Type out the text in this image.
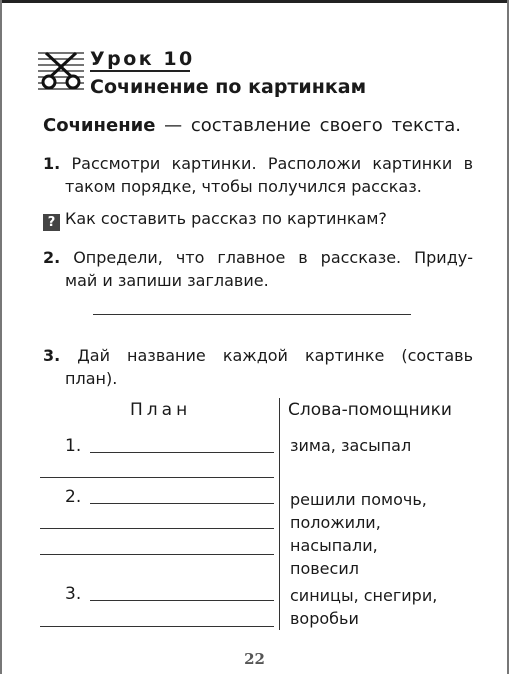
Урок 10
Сочинение по картинкам
Сочинение — составление своего текста.
1. Рассмотри картинки. Расположи картинки в
таком порядке, чтобы получился рассказ.
? Как составить рассказ по картинкам?
2. Определи, что главное в рассказе. Приду-
май и запиши заглавие.
3. Дай название каждой картинке (составь
план).
План	Слова-помощники
1.	зима, засыпал
2.	решили помочь,
положили,
насыпали,
повесил
3.	синицы, снегири,
воробьи
22
